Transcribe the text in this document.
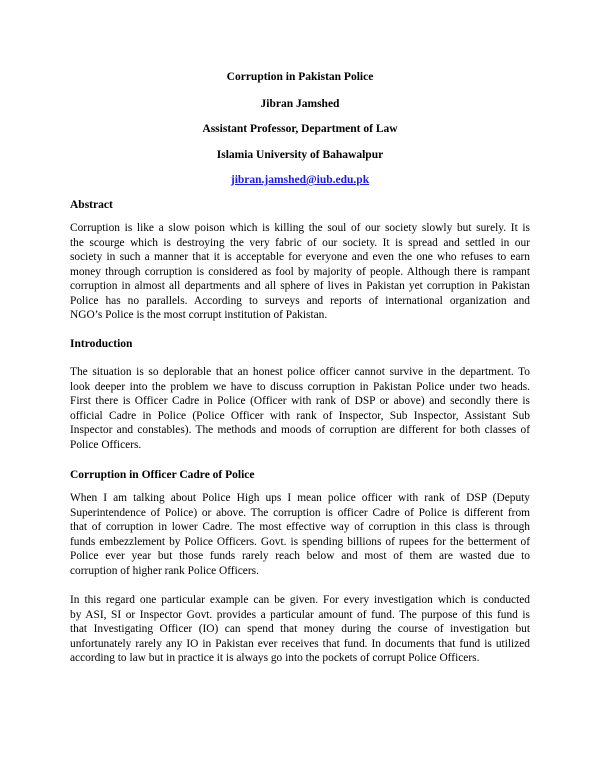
Corruption in Pakistan Police
Jibran Jamshed
Assistant Professor, Department of Law
Islamia University of Bahawalpur
jibran.jamshed@iub.edu.pk
Abstract
Corruption is like a slow poison which is killing the soul of our society slowly but surely. It is
the scourge which is destroying the very fabric of our society. It is spread and settled in our
society in such a manner that it is acceptable for everyone and even the one who refuses to earn
money through corruption is considered as fool by majority of people. Although there is rampant
corruption in almost all departments and all sphere of lives in Pakistan yet corruption in Pakistan
Police has no parallels. According to surveys and reports of international organization and
NGO’s Police is the most corrupt institution of Pakistan.
Introduction
The situation is so deplorable that an honest police officer cannot survive in the department. To
look deeper into the problem we have to discuss corruption in Pakistan Police under two heads.
First there is Officer Cadre in Police (Officer with rank of DSP or above) and secondly there is
official Cadre in Police (Police Officer with rank of Inspector, Sub Inspector, Assistant Sub
Inspector and constables). The methods and moods of corruption are different for both classes of
Police Officers.
Corruption in Officer Cadre of Police
When I am talking about Police High ups I mean police officer with rank of DSP (Deputy
Superintendence of Police) or above. The corruption is officer Cadre of Police is different from
that of corruption in lower Cadre. The most effective way of corruption in this class is through
funds embezzlement by Police Officers. Govt. is spending billions of rupees for the betterment of
Police ever year but those funds rarely reach below and most of them are wasted due to
corruption of higher rank Police Officers.
In this regard one particular example can be given. For every investigation which is conducted
by ASI, SI or Inspector Govt. provides a particular amount of fund. The purpose of this fund is
that Investigating Officer (IO) can spend that money during the course of investigation but
unfortunately rarely any IO in Pakistan ever receives that fund. In documents that fund is utilized
according to law but in practice it is always go into the pockets of corrupt Police Officers.
